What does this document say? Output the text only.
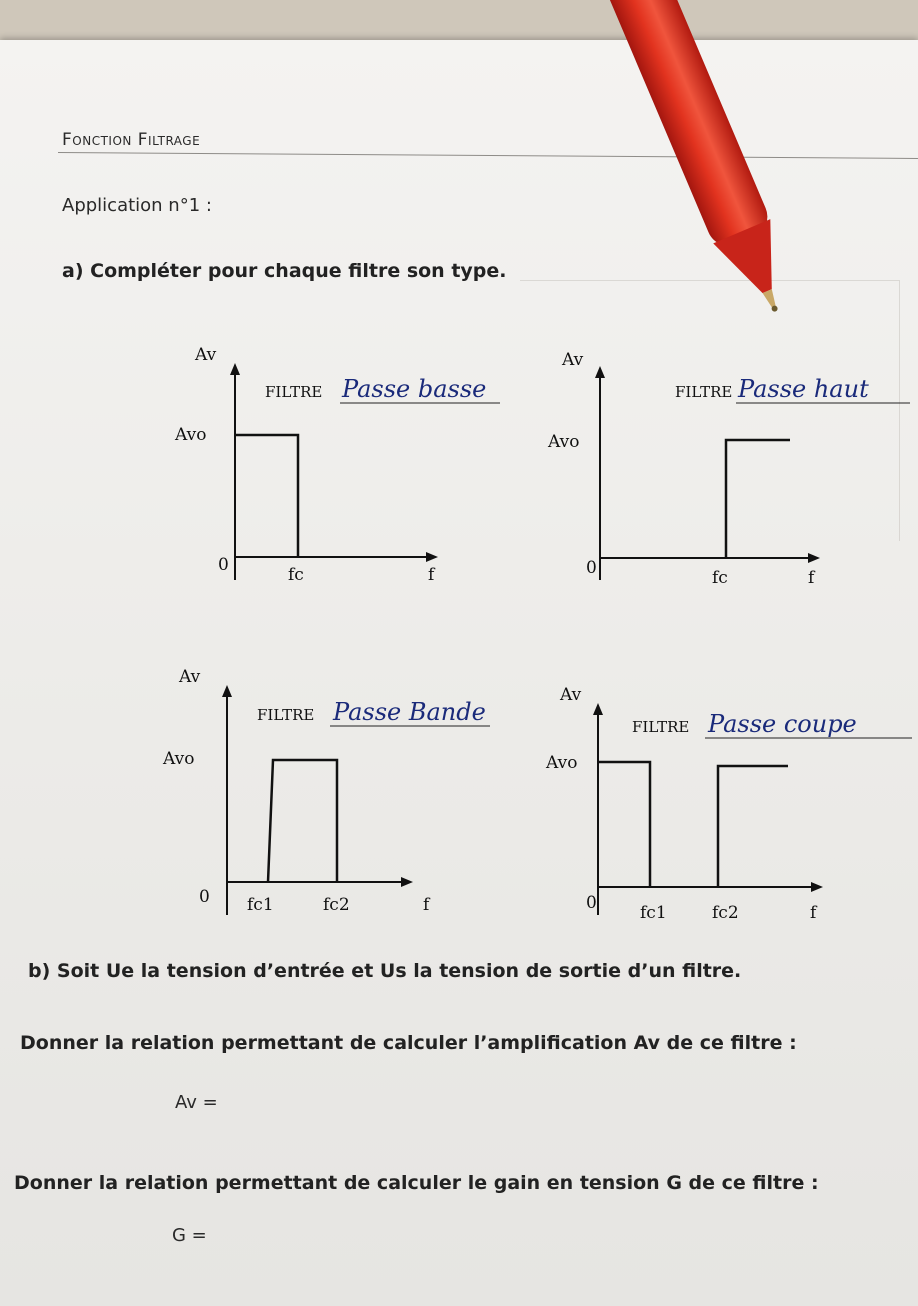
Fonction Filtrage
Application n°1 :
a) Compléter pour chaque filtre son type.
Av
Avo
0	fc	f
FILTRE Passe basse
Av
Avo
0	fc	f
FILTRE Passe haut
Av
Avo
0 fc1	fc2	f
FILTRE Passe Bande
Av
Avo
0	fc1	fc2	f
FILTRE Passe coupe
b) Soit Ue la tension d’entrée et Us la tension de sortie d’un filtre.
Donner la relation permettant de calculer l’amplification Av de ce filtre :
Av =
Donner la relation permettant de calculer le gain en tension G de ce filtre :
G =
